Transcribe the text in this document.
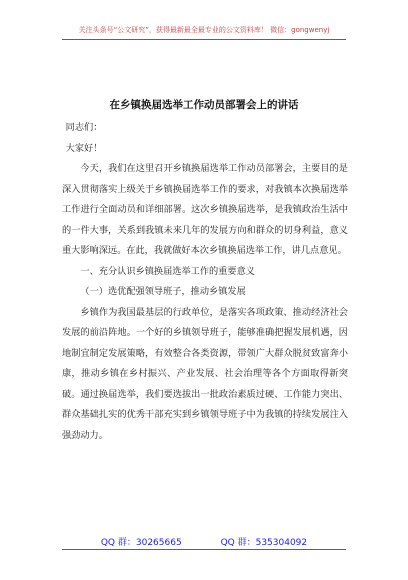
关注头条号“公文研究”，获得最新最全最专业的公文资料库！ 微信：gongwenyj
在乡镇换届选举工作动员部署会上的讲话

同志们：

大家好！

今天，我们在这里召开乡镇换届选举工作动员部署会，主要目的是深入贯彻落实上级关于乡镇换届选举工作的要求，对我镇本次换届选举工作进行全面动员和详细部署。这次乡镇换届选举，是我镇政治生活中的一件大事，关系到我镇未来几年的发展方向和群众的切身利益，意义重大影响深远。在此，我就做好本次乡镇换届选举工作，讲几点意见。

一、充分认识乡镇换届选举工作的重要意义

（一）选优配强领导班子，推动乡镇发展

乡镇作为我国最基层的行政单位，是落实各项政策、推动经济社会发展的前沿阵地。一个好的乡镇领导班子，能够准确把握发展机遇，因地制宜制定发展策略，有效整合各类资源，带领广大群众脱贫致富奔小康，推动乡镇在乡村振兴、产业发展、社会治理等各个方面取得新突破。通过换届选举，我们要选拔出一批政治素质过硬、工作能力突出、群众基础扎实的优秀干部充实到乡镇领导班子中为我镇的持续发展注入强劲动力。

QQ 群：30265665	QQ 群：535304092
